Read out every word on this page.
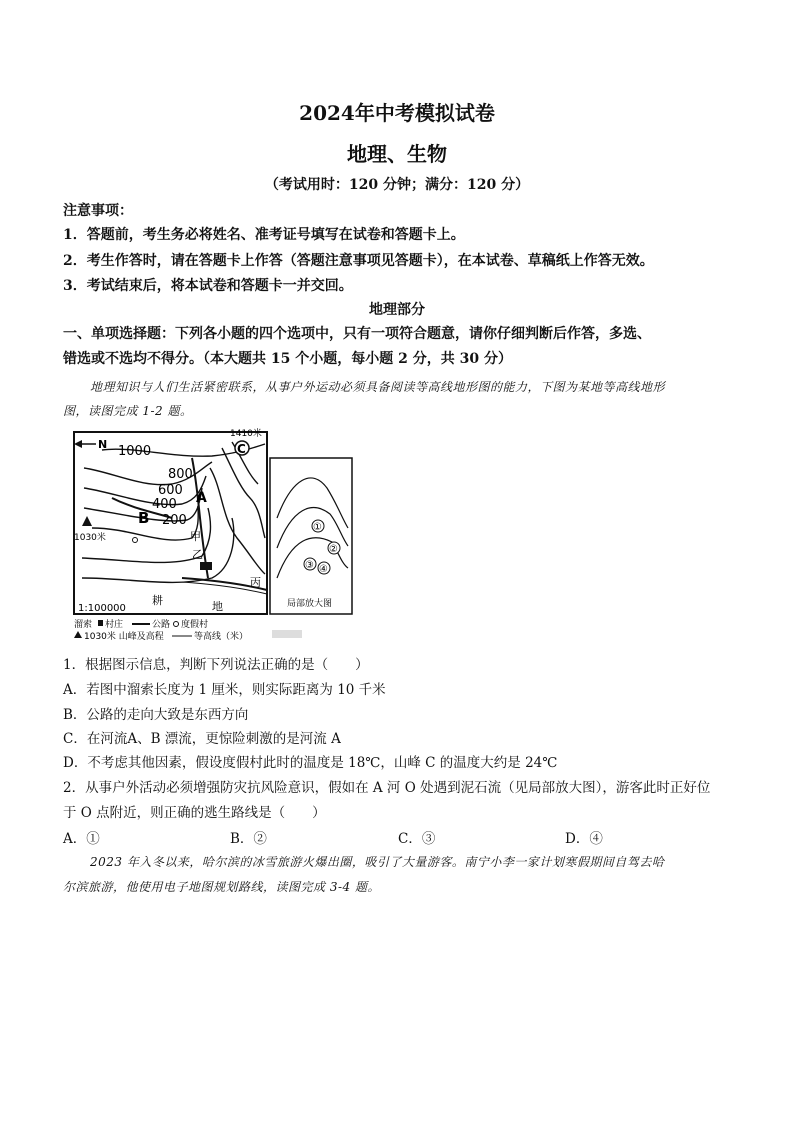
2024年中考模拟试卷
地理、生物
（考试用时：120 分钟；满分：120 分）
注意事项：
1．答题前，考生务必将姓名、准考证号填写在试卷和答题卡上。
2．考生作答时，请在答题卡上作答（答题注意事项见答题卡），在本试卷、草稿纸上作答无效。
3．考试结束后，将本试卷和答题卡一并交回。
地理部分
一、单项选择题：下列各小题的四个选项中，只有一项符合题意，请你仔细判断后作答，多选、
错选或不选均不得分。（本大题共 15 个小题，每小题 2 分，共 30 分）
地理知识与人们生活紧密联系，从事户外运动必须具备阅读等高线地形图的能力，下图为某地等高线地形
图，读图完成 1-2 题。
N 1000
800
600
400
200
1030米
1410米
A
B
C
甲
乙
丙
耕	地
1:100000
①
②
③ ④
局部放大图
溜索 村庄	公路 度假村
1030米 山峰及高程	等高线（米）
1．根据图示信息，判断下列说法正确的是（　　）
A．若图中溜索长度为 1 厘米，则实际距离为 10 千米
B．公路的走向大致是东西方向
C．在河流A、B 漂流，更惊险刺激的是河流 A
D．不考虑其他因素，假设度假村此时的温度是 18℃，山峰 C 的温度大约是 24℃
2．从事户外活动必须增强防灾抗风险意识，假如在 A 河 O 处遇到泥石流（见局部放大图），游客此时正好位
于 O 点附近，则正确的逃生路线是（　　）
A．①	B．②	C．③	D．④
2023 年入冬以来，哈尔滨的冰雪旅游火爆出圈，吸引了大量游客。南宁小李一家计划寒假期间自驾去哈
尔滨旅游，他使用电子地图规划路线，读图完成 3-4 题。
